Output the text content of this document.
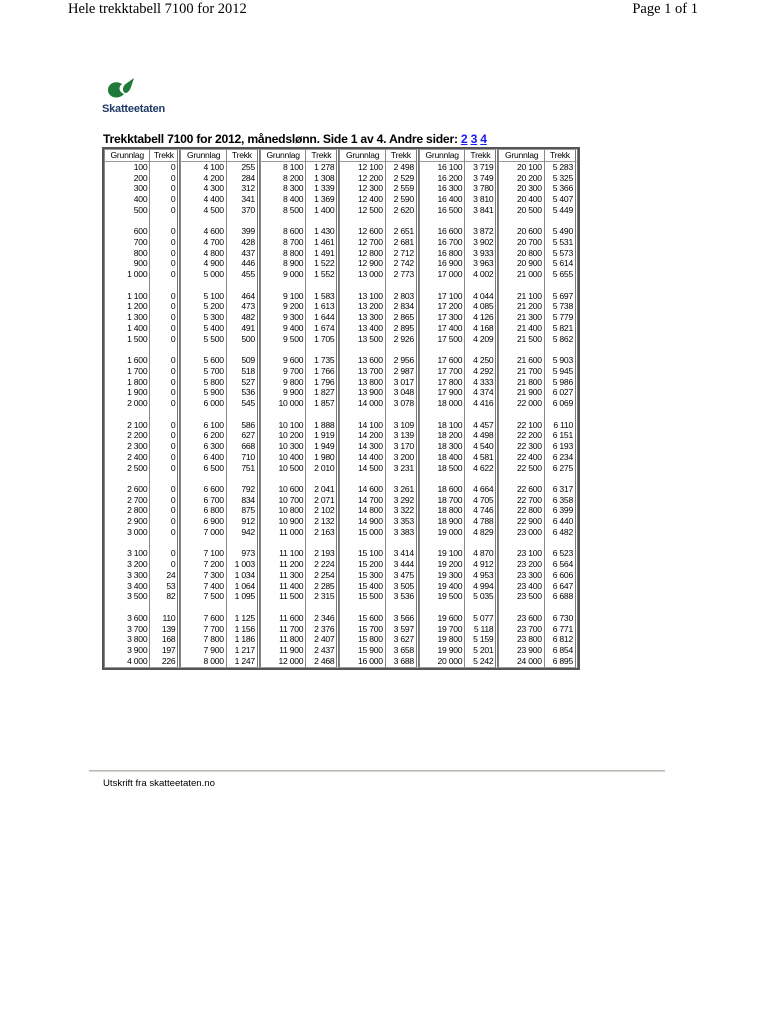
Hele trekktabell 7100 for 2012	Page 1 of 1
Skatteetaten
Trekktabell 7100 for 2012, månedslønn. Side 1 av 4. Andre sider: 2 3 4
Grunnlag	Trekk	Grunnlag	Trekk	Grunnlag	Trekk	Grunnlag	Trekk	Grunnlag	Trekk	Grunnlag	Trekk
100	0	4 100	255	8 100	1 278	12 100	2 498	16 100	3 719	20 100	5 283
200	0	4 200	284	8 200	1 308	12 200	2 529	16 200	3 749	20 200	5 325
300	0	4 300	312	8 300	1 339	12 300	2 559	16 300	3 780	20 300	5 366
400	0	4 400	341	8 400	1 369	12 400	2 590	16 400	3 810	20 400	5 407
500	0	4 500	370	8 500	1 400	12 500	2 620	16 500	3 841	20 500	5 449

600	0	4 600	399	8 600	1 430	12 600	2 651	16 600	3 872	20 600	5 490
700	0	4 700	428	8 700	1 461	12 700	2 681	16 700	3 902	20 700	5 531
800	0	4 800	437	8 800	1 491	12 800	2 712	16 800	3 933	20 800	5 573
900	0	4 900	446	8 900	1 522	12 900	2 742	16 900	3 963	20 900	5 614
1 000	0	5 000	455	9 000	1 552	13 000	2 773	17 000	4 002	21 000	5 655

1 100	0	5 100	464	9 100	1 583	13 100	2 803	17 100	4 044	21 100	5 697
1 200	0	5 200	473	9 200	1 613	13 200	2 834	17 200	4 085	21 200	5 738
1 300	0	5 300	482	9 300	1 644	13 300	2 865	17 300	4 126	21 300	5 779
1 400	0	5 400	491	9 400	1 674	13 400	2 895	17 400	4 168	21 400	5 821
1 500	0	5 500	500	9 500	1 705	13 500	2 926	17 500	4 209	21 500	5 862

1 600	0	5 600	509	9 600	1 735	13 600	2 956	17 600	4 250	21 600	5 903
1 700	0	5 700	518	9 700	1 766	13 700	2 987	17 700	4 292	21 700	5 945
1 800	0	5 800	527	9 800	1 796	13 800	3 017	17 800	4 333	21 800	5 986
1 900	0	5 900	536	9 900	1 827	13 900	3 048	17 900	4 374	21 900	6 027
2 000	0	6 000	545	10 000	1 857	14 000	3 078	18 000	4 416	22 000	6 069

2 100	0	6 100	586	10 100	1 888	14 100	3 109	18 100	4 457	22 100	6 110
2 200	0	6 200	627	10 200	1 919	14 200	3 139	18 200	4 498	22 200	6 151
2 300	0	6 300	668	10 300	1 949	14 300	3 170	18 300	4 540	22 300	6 193
2 400	0	6 400	710	10 400	1 980	14 400	3 200	18 400	4 581	22 400	6 234
2 500	0	6 500	751	10 500	2 010	14 500	3 231	18 500	4 622	22 500	6 275

2 600	0	6 600	792	10 600	2 041	14 600	3 261	18 600	4 664	22 600	6 317
2 700	0	6 700	834	10 700	2 071	14 700	3 292	18 700	4 705	22 700	6 358
2 800	0	6 800	875	10 800	2 102	14 800	3 322	18 800	4 746	22 800	6 399
2 900	0	6 900	912	10 900	2 132	14 900	3 353	18 900	4 788	22 900	6 440
3 000	0	7 000	942	11 000	2 163	15 000	3 383	19 000	4 829	23 000	6 482

3 100	0	7 100	973	11 100	2 193	15 100	3 414	19 100	4 870	23 100	6 523
3 200	0	7 200	1 003	11 200	2 224	15 200	3 444	19 200	4 912	23 200	6 564
3 300	24	7 300	1 034	11 300	2 254	15 300	3 475	19 300	4 953	23 300	6 606
3 400	53	7 400	1 064	11 400	2 285	15 400	3 505	19 400	4 994	23 400	6 647
3 500	82	7 500	1 095	11 500	2 315	15 500	3 536	19 500	5 035	23 500	6 688

3 600	110	7 600	1 125	11 600	2 346	15 600	3 566	19 600	5 077	23 600	6 730
3 700	139	7 700	1 156	11 700	2 376	15 700	3 597	19 700	5 118	23 700	6 771
3 800	168	7 800	1 186	11 800	2 407	15 800	3 627	19 800	5 159	23 800	6 812
3 900	197	7 900	1 217	11 900	2 437	15 900	3 658	19 900	5 201	23 900	6 854
4 000	226	8 000	1 247	12 000	2 468	16 000	3 688	20 000	5 242	24 000	6 895
Utskrift fra skatteetaten.no
